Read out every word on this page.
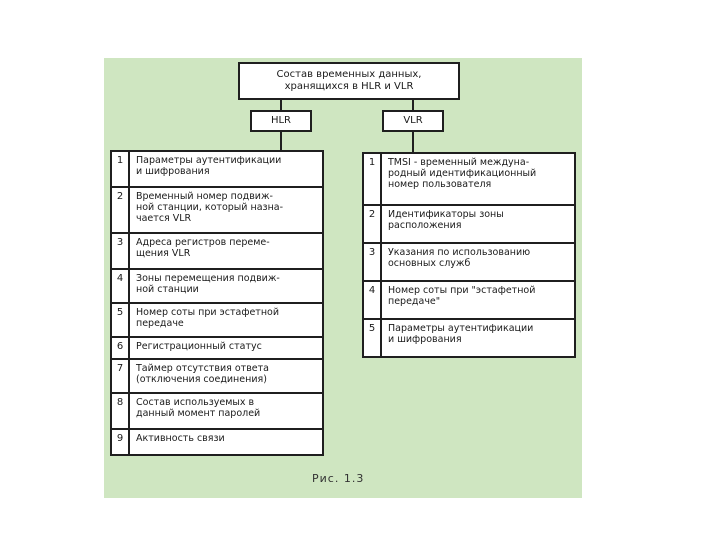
Состав временных данных,
хранящихся в HLR и VLR
HLR	VLR
1	Параметры аутентификации
и шифрования
2	Временный номер подвиж-
ной станции, который назна-
чается VLR
3	Адреса регистров переме-
щения VLR
4	Зоны перемещения подвиж-
ной станции
5	Номер соты при эстафетной
передаче
6	Регистрационный статус
7	Таймер отсутствия ответа
(отключения соединения)
8	Состав используемых в
данный момент паролей
9	Активность связи
1	TMSI - временный междуна-
родный идентификационный
номер пользователя
2	Идентификаторы зоны
расположения
3	Указания по использованию
основных служб
4	Номер соты при "эстафетной
передаче"
5	Параметры аутентификации
и шифрования
Рис. 1.3
